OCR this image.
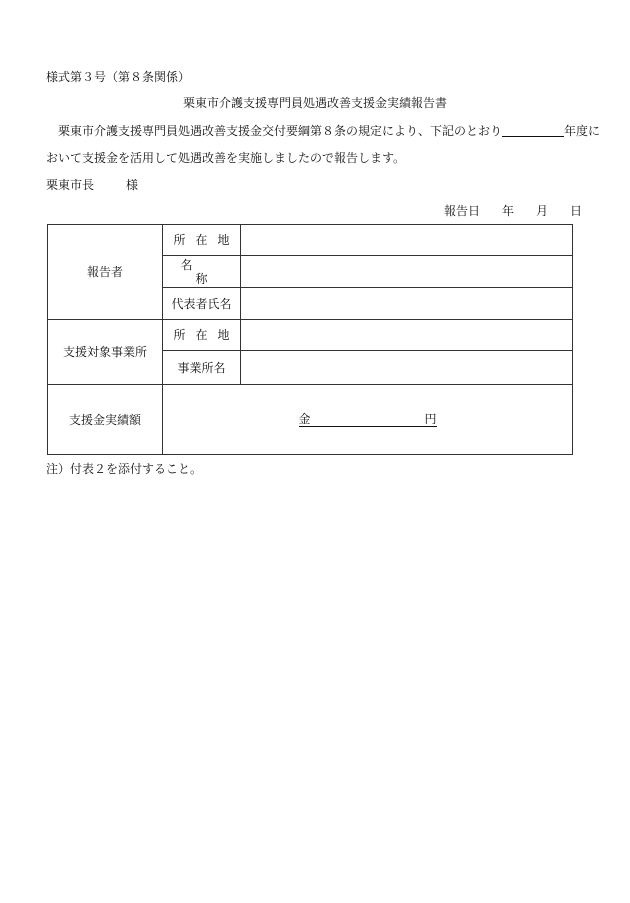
様式第３号（第８条関係）
栗東市介護支援専門員処遇改善支援金実績報告書
栗東市介護支援専門員処遇改善支援金交付要綱第８条の規定により、下記のとおり	年度に
おいて支援金を活用して処遇改善を実施しましたので報告します。
栗東市長	様
報告日 年 月 日
報告者	所在地	
	名称	
	代表者氏名	
支援対象事業所	所在地	
	事業所名	
支援金実績額	金 円	
注）付表２を添付すること。
